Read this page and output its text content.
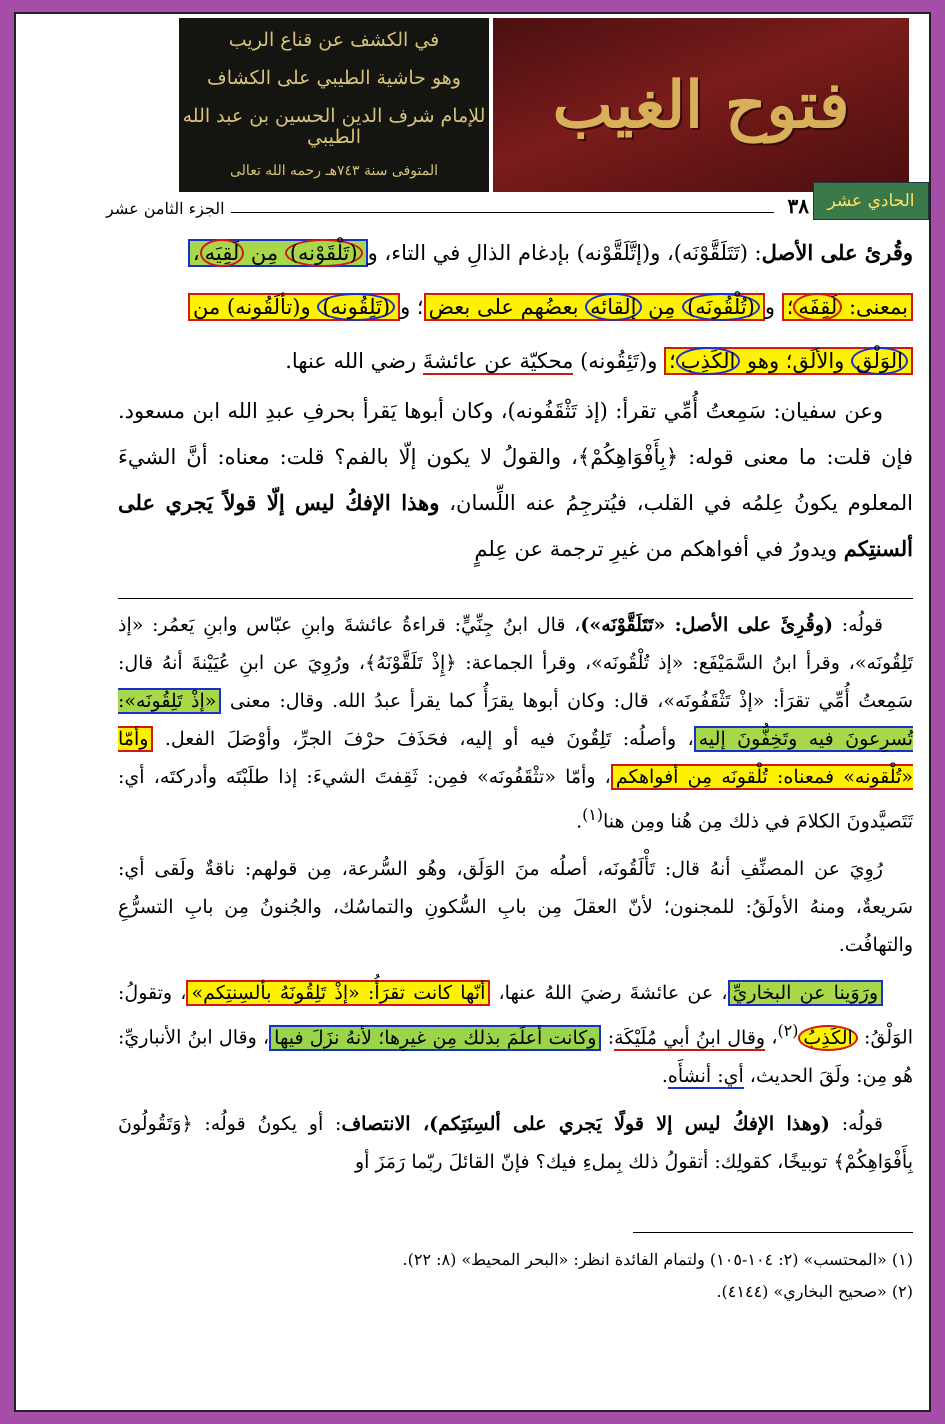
فتوح الغيب
في الكشف عن قناع الريب
وهو حاشية الطيبي على الكشاف
للإمام شرف الدين الحسين بن عبد الله الطيبي
المتوفى سنة ٧٤٣هـ رحمه الله تعالى
الحادي عشر
٣٨
الجزء الثامن عشر

وقُرئ على الأصل: (تَتَلَقَّوْنَه)، و(إتَّلَقَّوْنه) بإدغام الذالِ في التاء، و(تَلْقَوْنه) مِن لَقِيَه،
بمعنى: لَقِفَه؛ و(تُلْقُونَه) مِن إلقائه بعضُهم على بعض؛ و(تَلِقُونه) و(تألَقُونه) من
الوَلْق والألَق؛ وهو الكَذِب؛ و(تَئِقُونه) محكيّة عن عائشةَ رضي الله عنها.

وعن سفيان: سَمِعتُ أُمِّي تقرأ: (إذ تَثْقَفُونه)، وكان أبوها يَقرأ بحرفِ عبدِ الله ابن مسعود. فإن قلت: ما معنى قوله: ﴿بِأَفْوَاهِكُمْ﴾، والقولُ لا يكون إلّا بالفم؟ قلت: معناه: أنَّ الشيءَ المعلوم يكونُ عِلمُه في القلب، فيُترجِمُ عنه اللِّسان، وهذا الإفكُ ليس إلّا قولاً يَجري على ألسنتِكم ويدورُ في أفواهكم من غيرِ ترجمة عن عِلمٍ

قولُه: (وقُرِئَ على الأصل: «تَتَلَقَّوْنَه»)، قال ابنُ جِنِّيٍّ: قراءةُ عائشةَ وابنِ عبّاس وابنِ يَعمُر: «إذ تَلِقُونَه»، وقرأ ابنُ السَّمَيْفَع: «إذ تُلْقُونَه»، وقرأ الجماعة: ﴿إِذْ تَلَقَّوْنَهُ﴾، ورُوِيَ عن ابنِ عُيَيْنةَ أنهُ قال: سَمِعتُ أُمِّي تقرَأ: «إذْ تَثْقَفُونَه»، قال: وكان أبوها يقرَأُ كما يقرأ عبدُ الله. وقال: معنى «إذْ تَلِقُونَه»: تُسرِعونَ فيه وتَخِفُّونَ إليه، وأصلُه: تَلِقُونَ فيه أو إليه، فحَذَفَ حرْفَ الجرِّ، وأوْصَلَ الفعل. وأمّا «تُلْقونه» فمعناه: تُلْقونَه مِن أفواهكم، وأمّا «تثْقَفُونَه» فمِن: ثَقِفتَ الشيءَ: إذا طلَبْتَه وأدركتَه، أي: تَتَصيَّدونَ الكلامَ في ذلك مِن هُنا ومِن هنا$^{(١)}$.

رُوِيَ عن المصنِّفِ أنهُ قال: تَأْلَقُونَه، أصلُه منَ الوَلَق، وهُو السُّرعة، مِن قولهم: ناقةٌ ولَقى أي: سَريعةٌ، ومنهُ الأولَقُ: للمجنون؛ لأنّ العقلَ مِن بابِ السُّكونِ والتماسُك، والجُنونُ مِن بابِ التسرُّعِ والتهافُت.

ورَوَينا عن البخاريِّ، عن عائشةَ رضيَ اللهُ عنها، أنّها كانت تقرَأُ: «إذْ تَلِقُونَهُ بألسِنتِكم»، وتقولُ: الوَلْقُ: الكَذِبُ$^{(٢)}$، وقال ابنُ أبي مُلَيْكَة: وكانت أعلَمَ بذلك مِن غيرِها؛ لأنهُ نزَلَ فيها، وقال ابنُ الأنباريِّ: هُو مِن: ولَقَ الحديث، أي: أنشأَه.

قولُه: (وهذا الإفكُ ليس إلا قولًا يَجري على ألسِنَتِكم)، الانتصاف: أو يكونُ قولُه: ﴿وَتَقُولُونَ بِأَفْوَاهِكُمْ﴾ توبيخًا، كقولِك: أتقولُ ذلك بِملءِ فيك؟ فإنّ القائلَ ربّما رَمَزَ أو

(١) «المحتسب» (٢: ١٠٤-١٠٥) ولتمام الفائدة انظر: «البحر المحيط» (٨: ٢٢).
(٢) «صحيح البخاري» (٤١٤٤).
